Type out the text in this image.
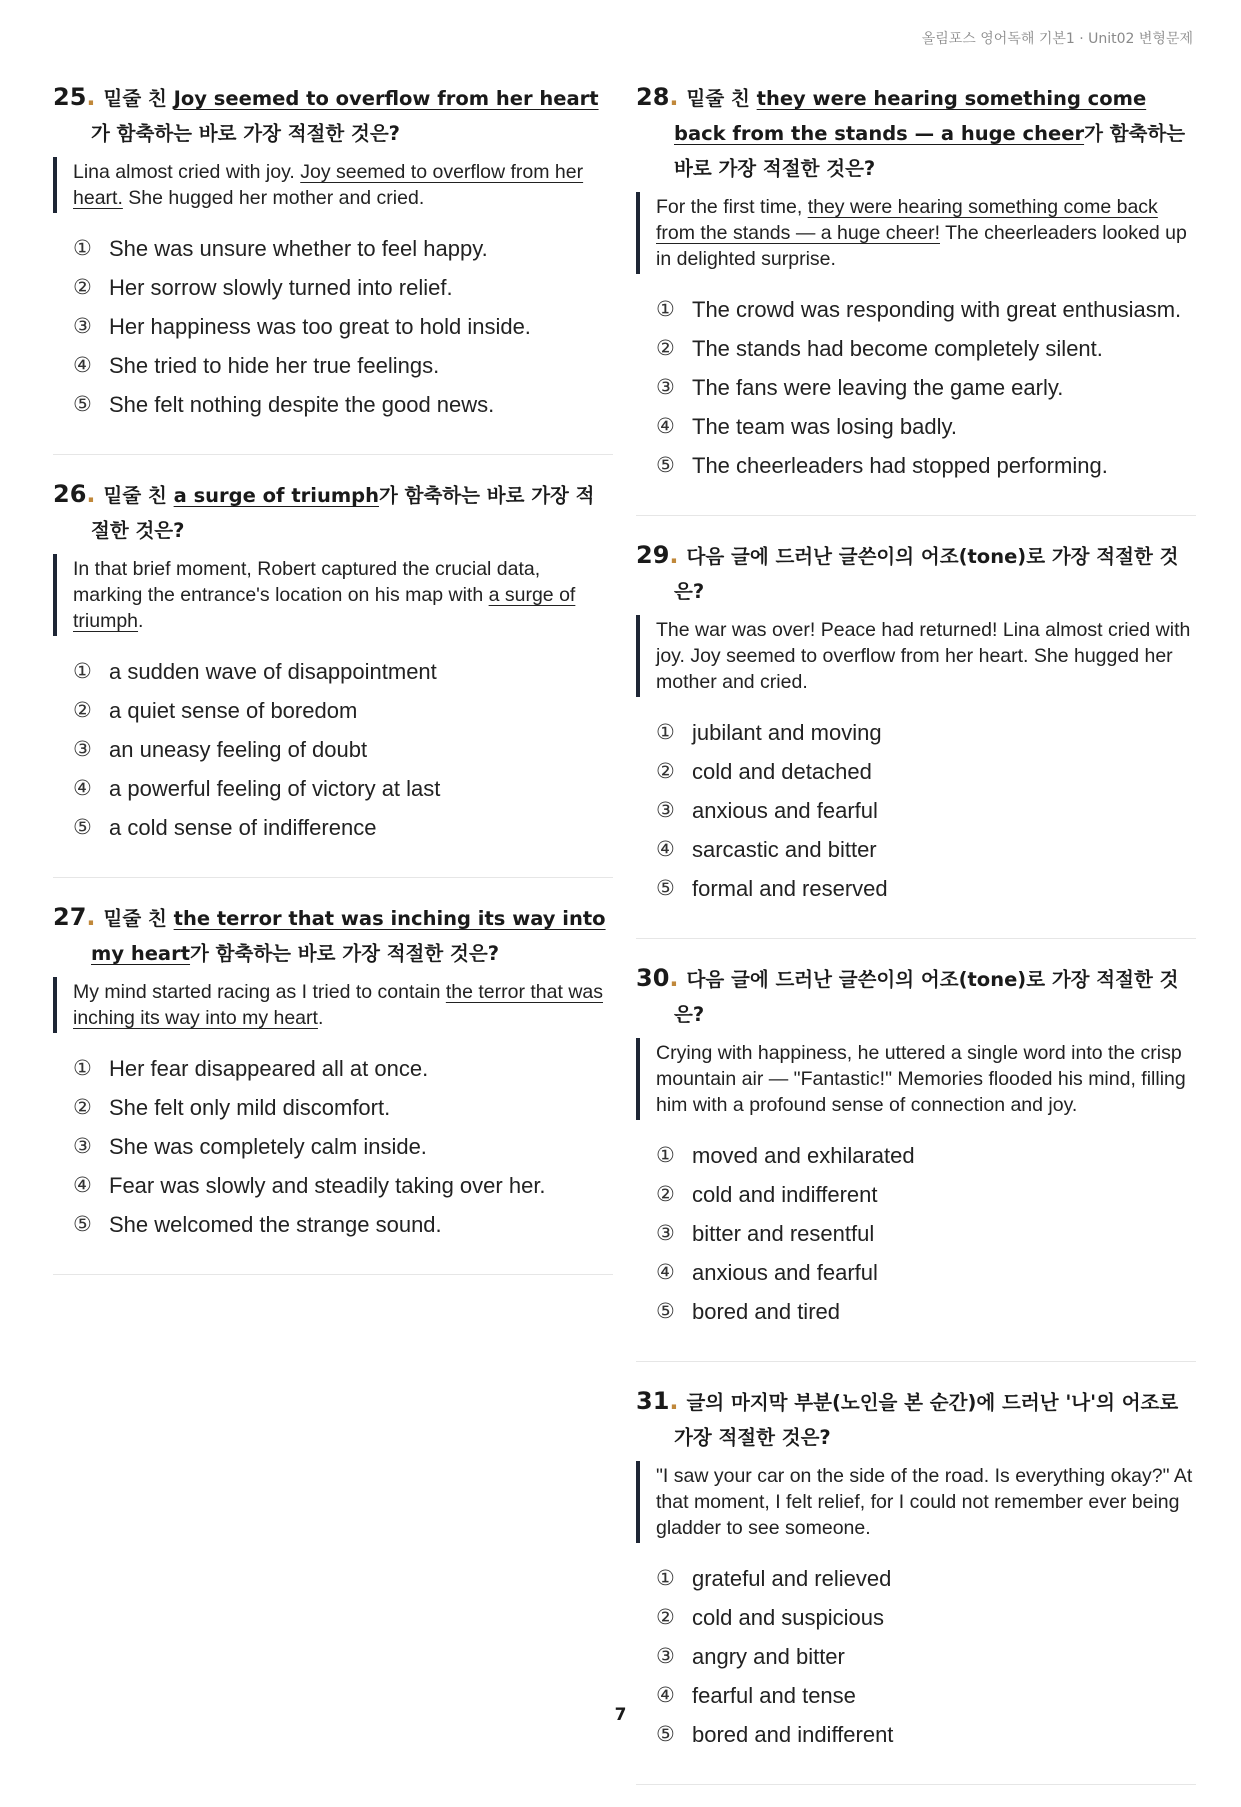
올림포스 영어독해 기본1 · Unit02 변형문제
25. 밑줄 친 Joy seemed to overflow from her heart가 함축하는 바로 가장 적절한 것은?
Lina almost cried with joy. Joy seemed to overflow from her heart. She hugged her mother and cried.
① She was unsure whether to feel happy.
② Her sorrow slowly turned into relief.
③ Her happiness was too great to hold inside.
④ She tried to hide her true feelings.
⑤ She felt nothing despite the good news.
26. 밑줄 친 a surge of triumph가 함축하는 바로 가장 적절한 것은?
In that brief moment, Robert captured the crucial data, marking the entrance's location on his map with a surge of triumph.
① a sudden wave of disappointment
② a quiet sense of boredom
③ an uneasy feeling of doubt
④ a powerful feeling of victory at last
⑤ a cold sense of indifference
27. 밑줄 친 the terror that was inching its way into my heart가 함축하는 바로 가장 적절한 것은?
My mind started racing as I tried to contain the terror that was inching its way into my heart.
① Her fear disappeared all at once.
② She felt only mild discomfort.
③ She was completely calm inside.
④ Fear was slowly and steadily taking over her.
⑤ She welcomed the strange sound.
28. 밑줄 친 they were hearing something come back from the stands — a huge cheer가 함축하는 바로 가장 적절한 것은?
For the first time, they were hearing something come back from the stands — a huge cheer! The cheerleaders looked up in delighted surprise.
① The crowd was responding with great enthusiasm.
② The stands had become completely silent.
③ The fans were leaving the game early.
④ The team was losing badly.
⑤ The cheerleaders had stopped performing.
29. 다음 글에 드러난 글쓴이의 어조(tone)로 가장 적절한 것은?
The war was over! Peace had returned! Lina almost cried with joy. Joy seemed to overflow from her heart. She hugged her mother and cried.
① jubilant and moving
② cold and detached
③ anxious and fearful
④ sarcastic and bitter
⑤ formal and reserved
30. 다음 글에 드러난 글쓴이의 어조(tone)로 가장 적절한 것은?
Crying with happiness, he uttered a single word into the crisp mountain air — "Fantastic!" Memories flooded his mind, filling him with a profound sense of connection and joy.
① moved and exhilarated
② cold and indifferent
③ bitter and resentful
④ anxious and fearful
⑤ bored and tired
31. 글의 마지막 부분(노인을 본 순간)에 드러난 '나'의 어조로 가장 적절한 것은?
"I saw your car on the side of the road. Is everything okay?" At that moment, I felt relief, for I could not remember ever being gladder to see someone.
① grateful and relieved
② cold and suspicious
③ angry and bitter
④ fearful and tense
⑤ bored and indifferent
7
